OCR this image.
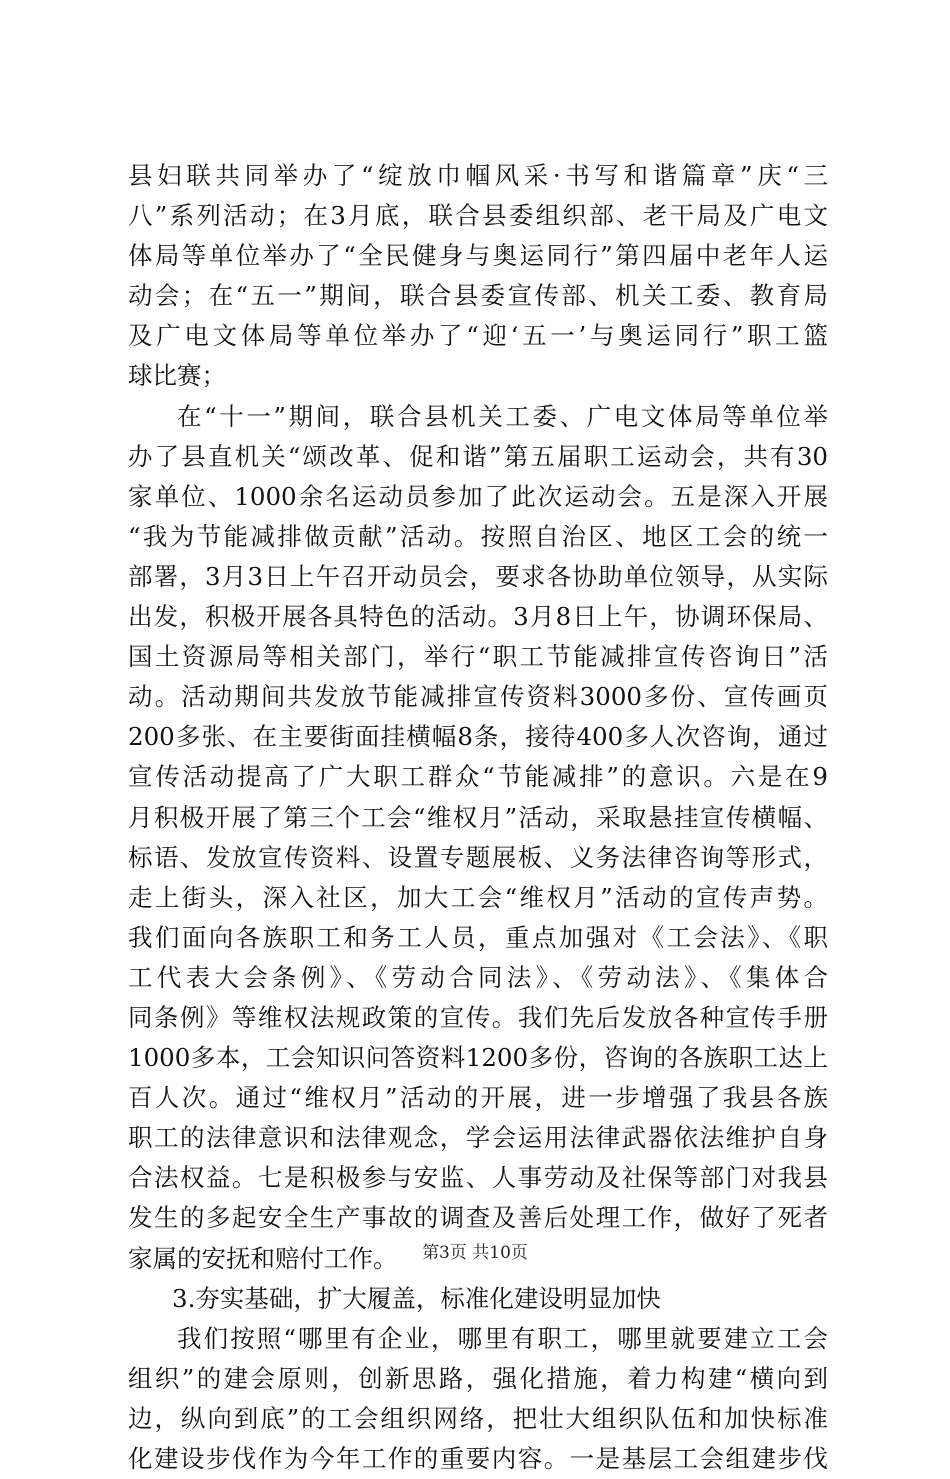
县妇联共同举办了“绽放巾帼风采·书写和谐篇章”庆“三
八”系列活动；在3月底，联合县委组织部、老干局及广电文
体局等单位举办了“全民健身与奥运同行”第四届中老年人运
动会；在“五一”期间，联合县委宣传部、机关工委、教育局
及广电文体局等单位举办了“迎‘五一’与奥运同行”职工篮
球比赛；
在“十一”期间，联合县机关工委、广电文体局等单位举
办了县直机关“颂改革、促和谐”第五届职工运动会，共有30
家单位、1000余名运动员参加了此次运动会。五是深入开展
“我为节能减排做贡献”活动。按照自治区、地区工会的统一
部署，3月3日上午召开动员会，要求各协助单位领导，从实际
出发，积极开展各具特色的活动。3月8日上午，协调环保局、
国土资源局等相关部门，举行“职工节能减排宣传咨询日”活
动。活动期间共发放节能减排宣传资料3000多份、宣传画页
200多张、在主要街面挂横幅8条，接待400多人次咨询，通过
宣传活动提高了广大职工群众“节能减排”的意识。六是在9
月积极开展了第三个工会“维权月”活动，采取悬挂宣传横幅、
标语、发放宣传资料、设置专题展板、义务法律咨询等形式，
走上街头，深入社区，加大工会“维权月”活动的宣传声势。
我们面向各族职工和务工人员，重点加强对《工会法》、《职
工代表大会条例》、《劳动合同法》、《劳动法》、《集体合
同条例》等维权法规政策的宣传。我们先后发放各种宣传手册
1000多本，工会知识问答资料1200多份，咨询的各族职工达上
百人次。通过“维权月”活动的开展，进一步增强了我县各族
职工的法律意识和法律观念，学会运用法律武器依法维护自身
合法权益。七是积极参与安监、人事劳动及社保等部门对我县
发生的多起安全生产事故的调查及善后处理工作，做好了死者
家属的安抚和赔付工作。
3.夯实基础，扩大履盖，标准化建设明显加快
我们按照“哪里有企业，哪里有职工，哪里就要建立工会
组织”的建会原则，创新思路，强化措施，着力构建“横向到
边，纵向到底”的工会组织网络，把壮大组织队伍和加快标准
化建设步伐作为今年工作的重要内容。一是基层工会组建步伐
第3页 共10页
